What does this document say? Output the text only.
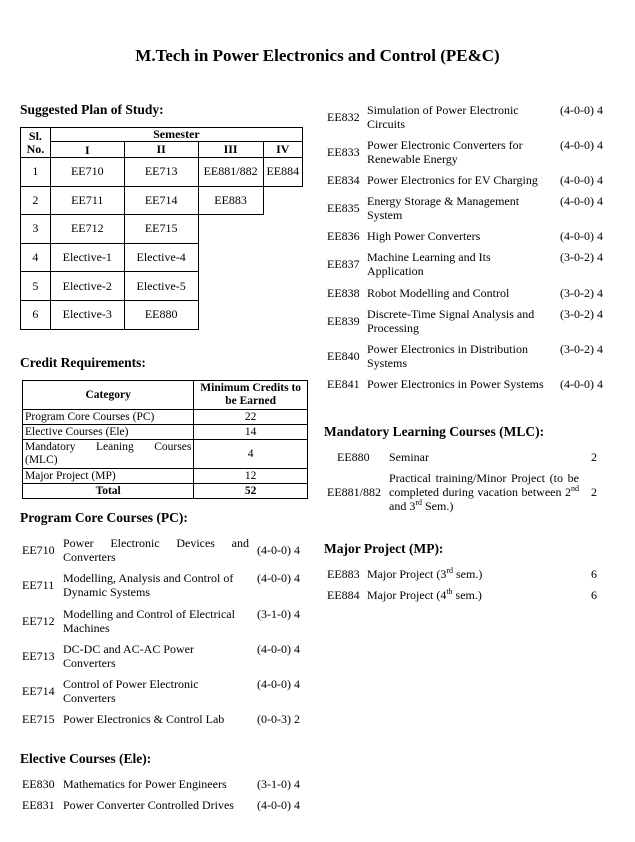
M.Tech in Power Electronics and Control (PE&C)
Suggested Plan of Study:
Sl. No.	Semester			
	I	II	III	IV
1	EE710	EE713	EE881/882	EE884
2	EE711	EE714	EE883	
3	EE712	EE715		
4	Elective-1	Elective-4		
5	Elective-2	Elective-5		
6	Elective-3	EE880		
Credit Requirements:
Category	Minimum Credits to be Earned
Program Core Courses (PC)	22
Elective Courses (Ele)	14
Mandatory Leaning Courses (MLC)	4
Major Project (MP)	12
Total	52
Program Core Courses (PC):
EE710 Power Electronic Devices and Converters	(4-0-0) 4
EE711 Modelling, Analysis and Control of Dynamic Systems
(4-0-0) 4
EE712 Modelling and Control of Electrical Machines
(3-1-0) 4
EE713 DC-DC and AC-AC Power Converters
(4-0-0) 4
EE714 Control of Power Electronic Converters
(4-0-0) 4
EE715 Power Electronics & Control Lab	(0-0-3) 2
Elective Courses (Ele):
EE830 Mathematics for Power Engineers	(3-1-0) 4
EE831 Power Converter Controlled Drives (4-0-0) 4
EE832 Simulation of Power Electronic Circuits
(4-0-0) 4
EE833 Power Electronic Converters for Renewable Energy
(4-0-0) 4
EE834 Power Electronics for EV Charging (4-0-0) 4
EE835 Energy Storage & Management System
(4-0-0) 4
EE836 High Power Converters	(4-0-0) 4
EE837 Machine Learning and Its Application
(3-0-2) 4
EE838 Robot Modelling and Control	(3-0-2) 4
EE839 Discrete-Time Signal Analysis and Processing
(3-0-2) 4
EE840 Power Electronics in Distribution Systems
(3-0-2) 4
EE841 Power Electronics in Power Systems (4-0-0) 4
Mandatory Learning Courses (MLC):
EE880 Seminar	2
EE881/882
Practical training/Minor Project (to be completed during vacation between 2nd and 3rd Sem.)
2
Major Project (MP):
EE883 Major Project (3rd sem.)	6
EE884 Major Project (4th sem.)	6
